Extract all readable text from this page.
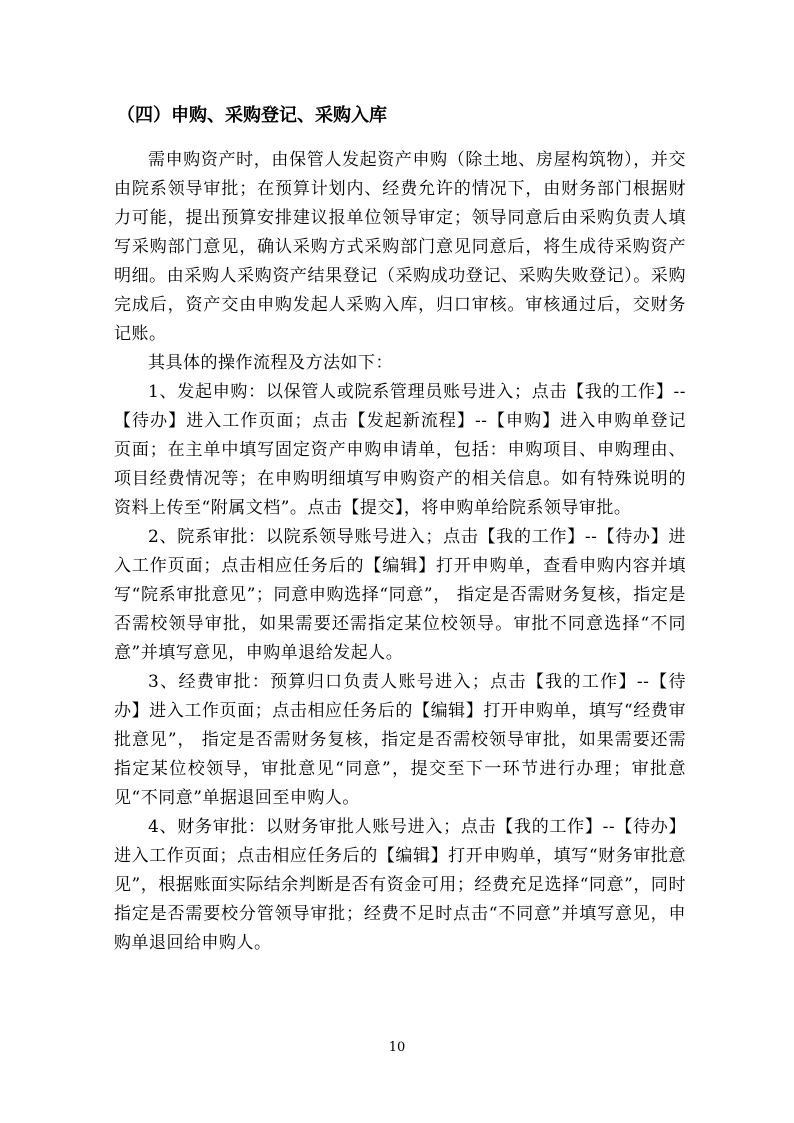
（四）申购、采购登记、采购入库

需申购资产时，由保管人发起资产申购（除土地、房屋构筑物），并交由院系领导审批；在预算计划内、经费允许的情况下，由财务部门根据财力可能，提出预算安排建议报单位领导审定；领导同意后由采购负责人填写采购部门意见，确认采购方式采购部门意见同意后，将生成待采购资产明细。由采购人采购资产结果登记（采购成功登记、采购失败登记）。采购完成后，资产交由申购发起人采购入库，归口审核。审核通过后，交财务记账。

其具体的操作流程及方法如下：

1、发起申购：以保管人或院系管理员账号进入；点击【我的工作】--【待办】进入工作页面；点击【发起新流程】--【申购】进入申购单登记页面；在主单中填写固定资产申购申请单，包括：申购项目、申购理由、项目经费情况等；在申购明细填写申购资产的相关信息。如有特殊说明的资料上传至“附属文档”。点击【提交】，将申购单给院系领导审批。

2、院系审批：以院系领导账号进入；点击【我的工作】--【待办】进入工作页面；点击相应任务后的【编辑】打开申购单，查看申购内容并填写“院系审批意见”；同意申购选择“同意”， 指定是否需财务复核，指定是否需校领导审批，如果需要还需指定某位校领导。审批不同意选择“不同意”并填写意见，申购单退给发起人。

3、经费审批：预算归口负责人账号进入；点击【我的工作】--【待办】进入工作页面；点击相应任务后的【编辑】打开申购单，填写“经费审批意见”， 指定是否需财务复核，指定是否需校领导审批，如果需要还需指定某位校领导，审批意见“同意”，提交至下一环节进行办理；审批意见“不同意”单据退回至申购人。

4、财务审批：以财务审批人账号进入；点击【我的工作】--【待办】进入工作页面；点击相应任务后的【编辑】打开申购单，填写“财务审批意见”，根据账面实际结余判断是否有资金可用；经费充足选择“同意”，同时指定是否需要校分管领导审批；经费不足时点击“不同意”并填写意见，申购单退回给申购人。

10
